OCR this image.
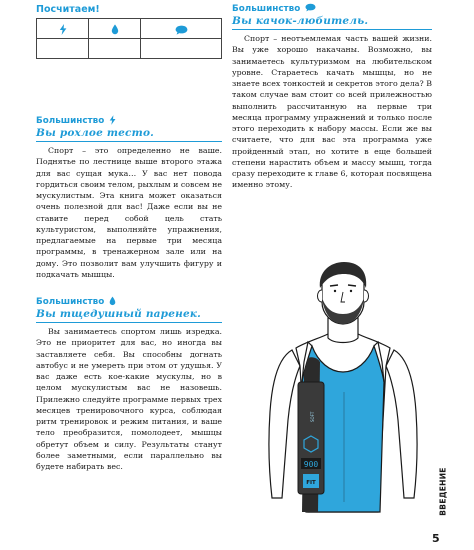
Посчитаем!

Большинство
Вы рохлое тесто.

Спорт – это определенно не ваше. Поднятье по лестнице выше второго этажа для вас сущая мука… У вас нет повода гордиться своим телом, рыхлым и совсем не мускулистым. Эта книга может оказаться очень полезной для вас! Даже если вы не ставите перед собой цель стать культуристом, выполняйте упражнения, предлагаемые на первые три месяца программы, в тренажерном зале или на дому. Это позволит вам улучшить фигуру и подкачать мышцы.

Большинство
Вы тщедушный паренек.

Вы занимаетесь спортом лишь изредка. Это не приоритет для вас, но иногда вы заставляете себя. Вы способны догнать автобус и не умереть при этом от удушья. У вас даже есть кое-какие мускулы, но в целом мускулистым вас не назовешь. Прилежно следуйте программе первых трех месяцев тренировочного курса, соблюдая ритм тренировок и режим питания, и ваше тело преобразится, помолодеет, мышцы обретут объем и силу. Результаты станут более заметными, если параллельно вы будете набирать вес.

Большинство
Вы качок-любитель.

Спорт – неотъемлемая часть вашей жизни. Вы уже хорошо накачаны. Возможно, вы занимаетесь культуризмом на любительском уровне. Стараетесь качать мышцы, но не знаете всех тонкостей и секретов этого дела? В таком случае вам стоит со всей прилежностью выполнить рассчитанную на первые три месяца программу упражнений и только после этого переходить к набору массы. Если же вы считаете, что для вас эта программа уже пройденный этап, но хотите в еще большей степени нарастить объем и массу мышц, тогда сразу переходите к главе 6, которая посвящена именно этому.

900
FIT
SOFT
ВВЕДЕНИЕ
5
